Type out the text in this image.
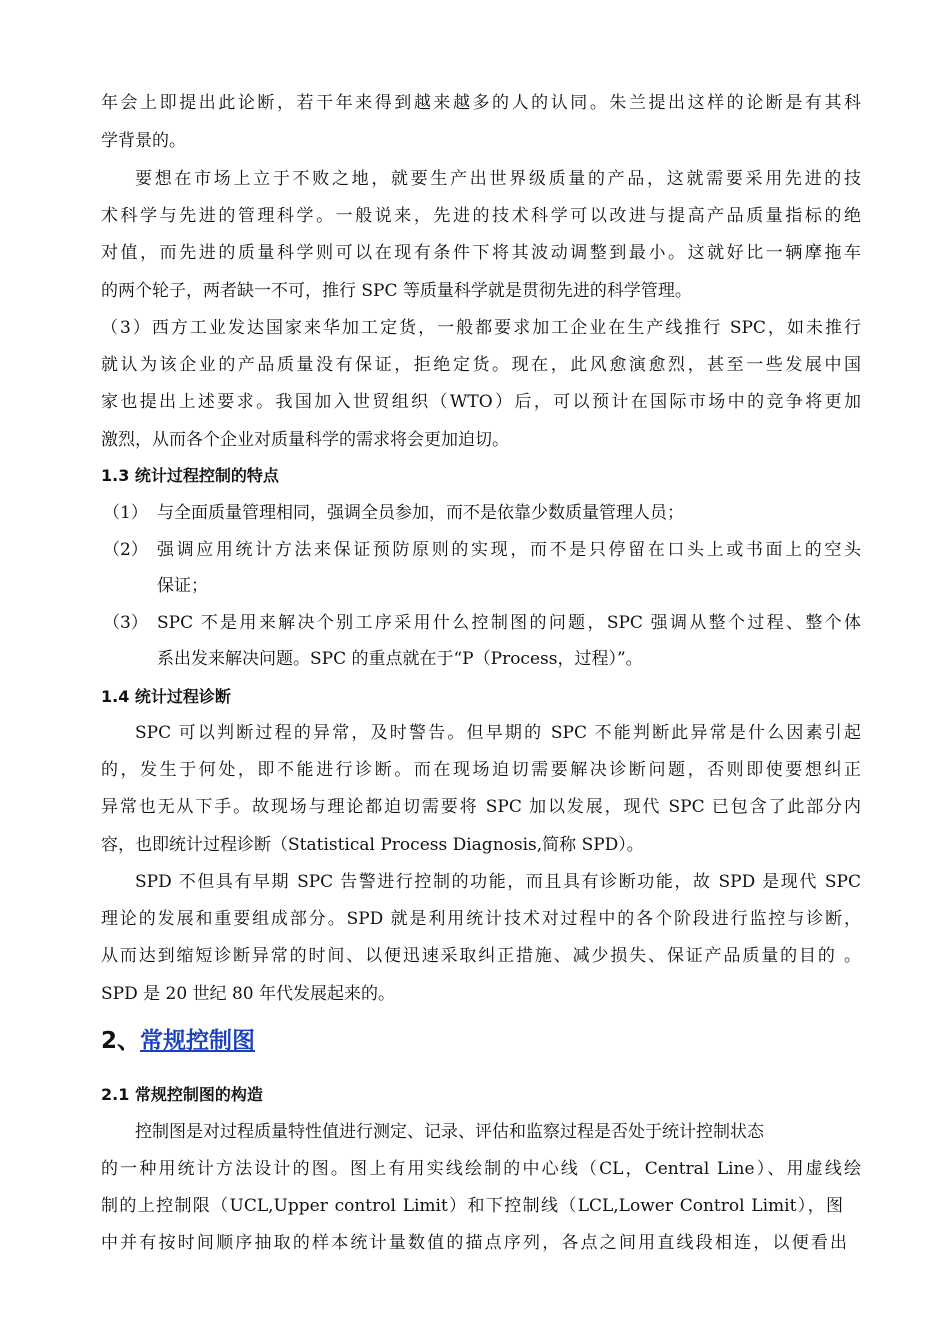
年会上即提出此论断，若干年来得到越来越多的人的认同。朱兰提出这样的论断是有其科
学背景的。
要想在市场上立于不败之地，就要生产出世界级质量的产品，这就需要采用先进的技
术科学与先进的管理科学。一般说来，先进的技术科学可以改进与提高产品质量指标的绝
对值，而先进的质量科学则可以在现有条件下将其波动调整到最小。这就好比一辆摩拖车
的两个轮子，两者缺一不可，推行 SPC 等质量科学就是贯彻先进的科学管理。
（3）西方工业发达国家来华加工定货，一般都要求加工企业在生产线推行 SPC，如未推行
就认为该企业的产品质量没有保证，拒绝定货。现在，此风愈演愈烈，甚至一些发展中国
家也提出上述要求。我国加入世贸组织（WTO）后，可以预计在国际市场中的竞争将更加
激烈，从而各个企业对质量科学的需求将会更加迫切。
1.3 统计过程控制的特点
（1） 与全面质量管理相同，强调全员参加，而不是依靠少数质量管理人员；
（2） 强调应用统计方法来保证预防原则的实现，而不是只停留在口头上或书面上的空头
保证；
（3） SPC 不是用来解决个别工序采用什么控制图的问题，SPC 强调从整个过程、整个体
系出发来解决问题。SPC 的重点就在于“P（Process，过程）”。
1.4 统计过程诊断
SPC 可以判断过程的异常，及时警告。但早期的 SPC 不能判断此异常是什么因素引起
的，发生于何处，即不能进行诊断。而在现场迫切需要解决诊断问题，否则即使要想纠正
异常也无从下手。故现场与理论都迫切需要将 SPC 加以发展，现代 SPC 已包含了此部分内
容，也即统计过程诊断（Statistical Process Diagnosis,简称 SPD）。
SPD 不但具有早期 SPC 告警进行控制的功能，而且具有诊断功能，故 SPD 是现代 SPC
理论的发展和重要组成部分。SPD 就是利用统计技术对过程中的各个阶段进行监控与诊断，
从而达到缩短诊断异常的时间、以便迅速采取纠正措施、减少损失、保证产品质量的目的 。
SPD 是 20 世纪 80 年代发展起来的。
2、常规控制图
2.1 常规控制图的构造
控制图是对过程质量特性值进行测定、记录、评估和监察过程是否处于统计控制状态
的一种用统计方法设计的图。图上有用实线绘制的中心线（CL，Central Line）、用虚线绘
制的上控制限（UCL,Upper control Limit）和下控制线（LCL,Lower Control Limit），图
中并有按时间顺序抽取的样本统计量数值的描点序列，各点之间用直线段相连，以便看出
